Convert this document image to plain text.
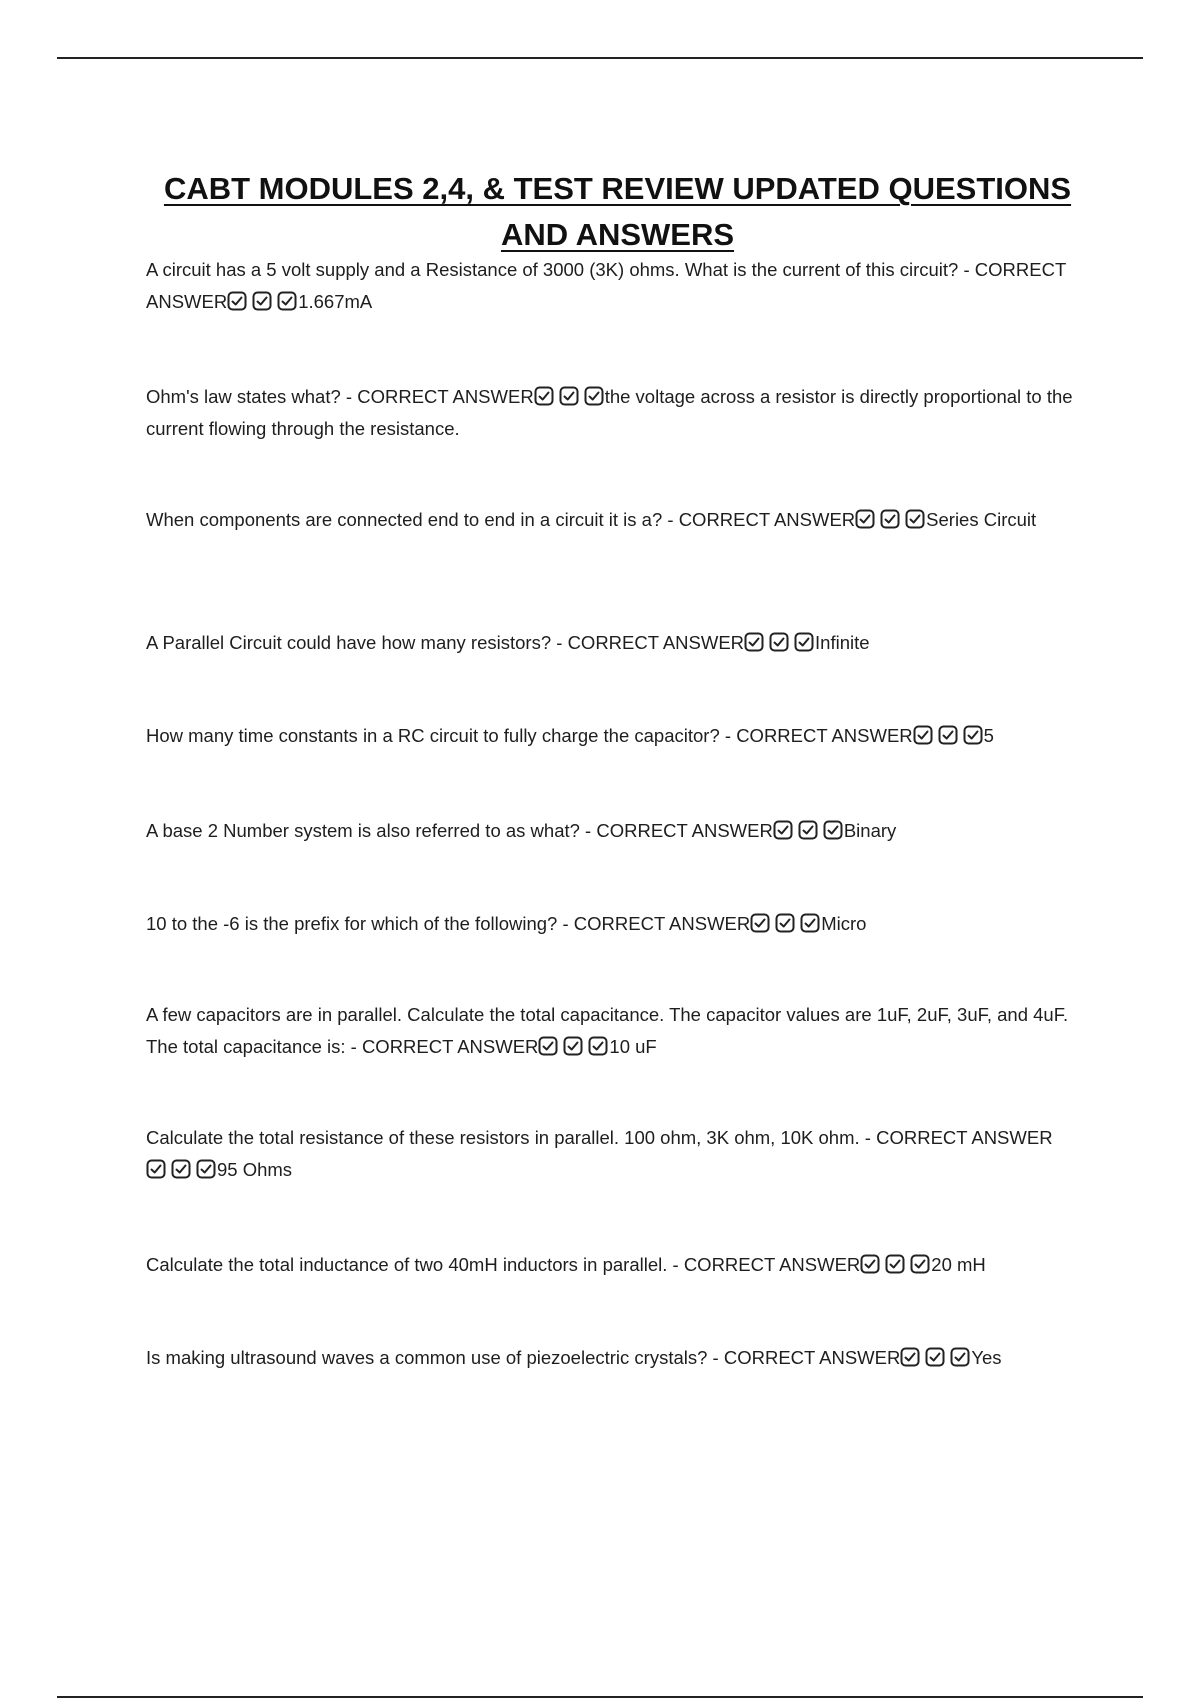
CABT MODULES 2,4, & TEST REVIEW UPDATED QUESTIONS AND ANSWERS
A circuit has a 5 volt supply and a Resistance of 3000 (3K) ohms. What is the current of this circuit? - CORRECT ANSWER	1.667mA
Ohm's law states what? - CORRECT ANSWER	the voltage across a resistor is directly proportional to the current flowing through the resistance.
When components are connected end to end in a circuit it is a? - CORRECT ANSWER	Series Circuit
A Parallel Circuit could have how many resistors? - CORRECT ANSWER	Infinite
How many time constants in a RC circuit to fully charge the capacitor? - CORRECT ANSWER	5
A base 2 Number system is also referred to as what? - CORRECT ANSWER	Binary
10 to the -6 is the prefix for which of the following? - CORRECT ANSWER	Micro
A few capacitors are in parallel. Calculate the total capacitance. The capacitor values are 1uF, 2uF, 3uF, and 4uF. The total capacitance is: - CORRECT ANSWER	10 uF
Calculate the total resistance of these resistors in parallel. 100 ohm, 3K ohm, 10K ohm. - CORRECT ANSWER
95 Ohms
Calculate the total inductance of two 40mH inductors in parallel. - CORRECT ANSWER	20 mH
Is making ultrasound waves a common use of piezoelectric crystals? - CORRECT ANSWER	Yes
